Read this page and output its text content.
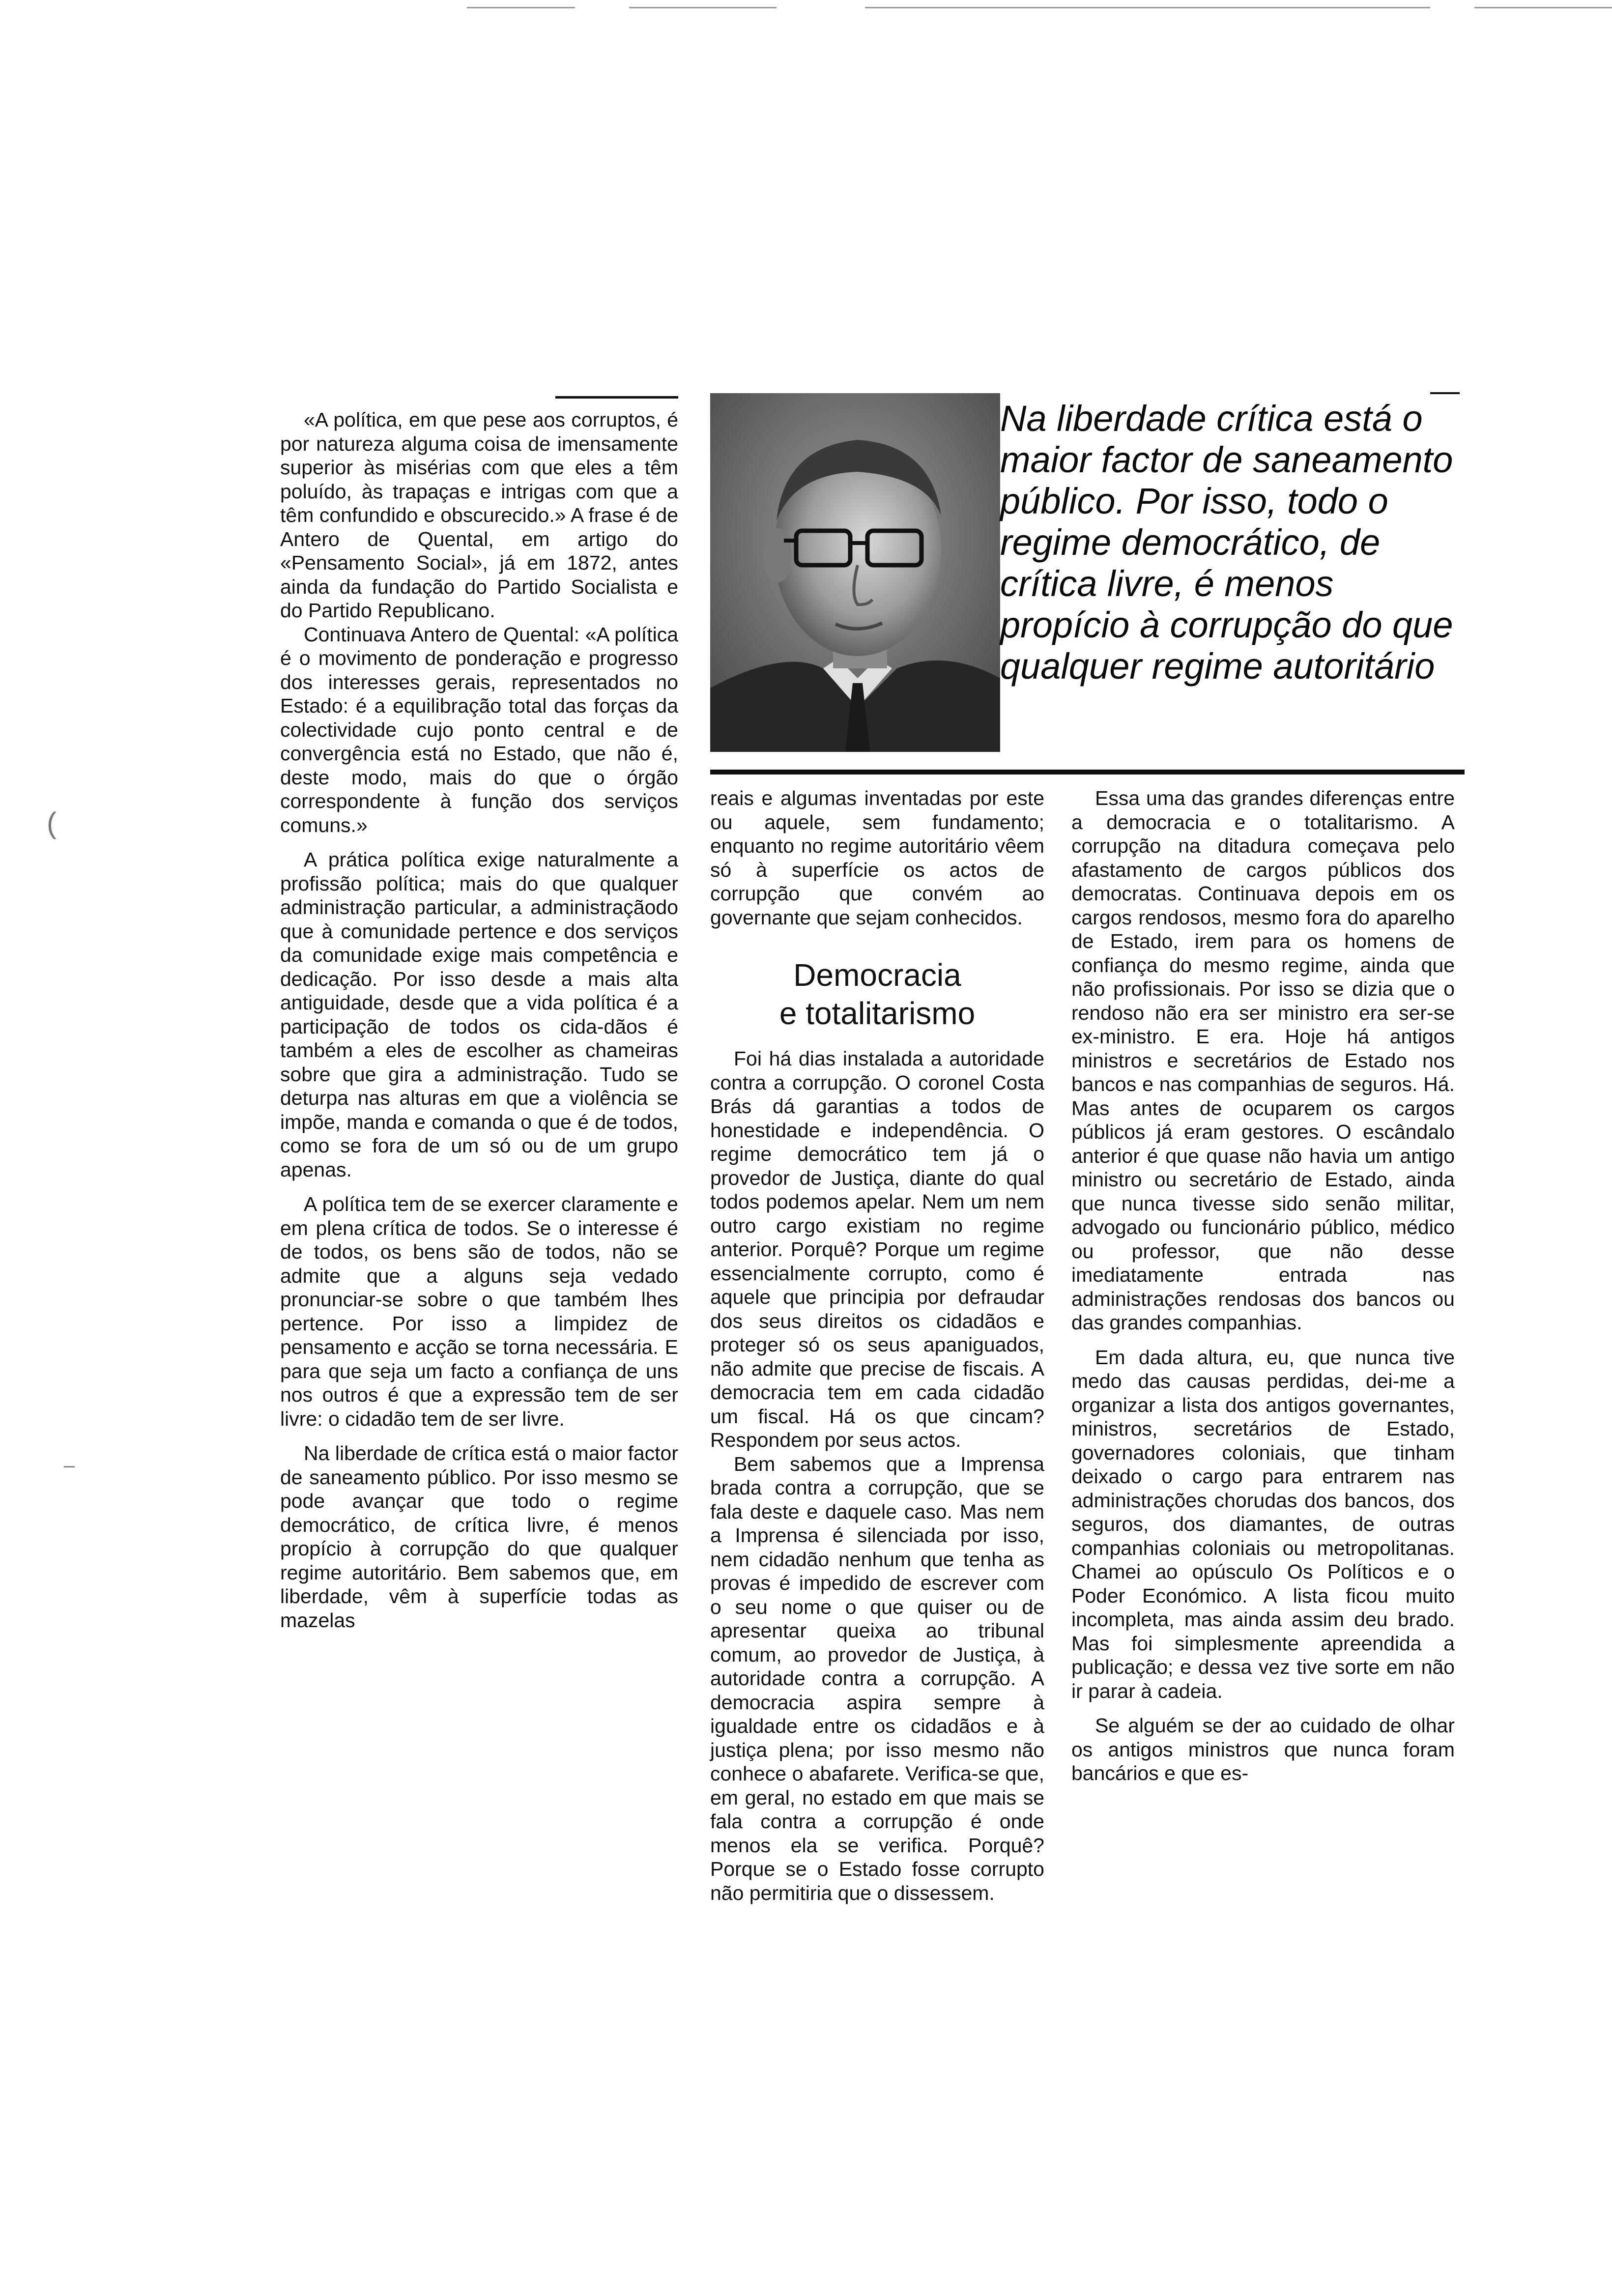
Na liberdade crítica está o maior factor de saneamento público. Por isso, todo o regime democrático, de crítica livre, é menos propício à corrupção do que qualquer regime autoritário

«A política, em que pese aos corruptos, é por natureza alguma coisa de imensamente superior às misérias com que eles a têm poluído, às trapaças e intrigas com que a têm confundido e obscurecido.» A frase é de Antero de Quental, em artigo do «Pensamento Social», já em 1872, antes ainda da fundação do Partido Socialista e do Partido Republicano.

Continuava Antero de Quental: «A política é o movimento de ponderação e progresso dos interesses gerais, representados no Estado: é a equilibração total das forças da colectividade cujo ponto central e de convergência está no Estado, que não é, deste modo, mais do que o órgão correspondente à função dos serviços comuns.»

A prática política exige naturalmente a profissão política; mais do que qualquer administração particular, a administraçãodo que à comunidade pertence e dos serviços da comunidade exige mais competência e dedicação. Por isso desde a mais alta antiguidade, desde que a vida política é a participação de todos os cida-dãos é também a eles de escolher as chameiras sobre que gira a administração. Tudo se deturpa nas alturas em que a violência se impõe, manda e comanda o que é de todos, como se fora de um só ou de um grupo apenas.

A política tem de se exercer claramente e em plena crítica de todos. Se o interesse é de todos, os bens são de todos, não se admite que a alguns seja vedado pronunciar-se sobre o que também lhes pertence. Por isso a limpidez de pensamento e acção se torna necessária. E para que seja um facto a confiança de uns nos outros é que a expressão tem de ser livre: o cidadão tem de ser livre.

Na liberdade de crítica está o maior factor de saneamento público. Por isso mesmo se pode avançar que todo o regime democrático, de crítica livre, é menos propício à corrupção do que qualquer regime autoritário. Bem sabemos que, em liberdade, vêm à superfície todas as mazelas

reais e algumas inventadas por este ou aquele, sem fundamento; enquanto no regime autoritário vêem só à superfície os actos de corrupção que convém ao governante que sejam conhecidos.

Democracia
e totalitarismo

Foi há dias instalada a autoridade contra a corrupção. O coronel Costa Brás dá garantias a todos de honestidade e independência. O regime democrático tem já o provedor de Justiça, diante do qual todos podemos apelar. Nem um nem outro cargo existiam no regime anterior. Porquê? Porque um regime essencialmente corrupto, como é aquele que principia por defraudar dos seus direitos os cidadãos e proteger só os seus apaniguados, não admite que precise de fiscais. A democracia tem em cada cidadão um fiscal. Há os que cincam? Respondem por seus actos.

Bem sabemos que a Imprensa brada contra a corrupção, que se fala deste e daquele caso. Mas nem a Imprensa é silenciada por isso, nem cidadão nenhum que tenha as provas é impedido de escrever com o seu nome o que quiser ou de apresentar queixa ao tribunal comum, ao provedor de Justiça, à autoridade contra a corrupção. A democracia aspira sempre à igualdade entre os cidadãos e à justiça plena; por isso mesmo não conhece o abafarete. Verifica-se que, em geral, no estado em que mais se fala contra a corrupção é onde menos ela se verifica. Porquê? Porque se o Estado fosse corrupto não permitiria que o dissessem.

Essa uma das grandes diferenças entre a democracia e o totalitarismo. A corrupção na ditadura começava pelo afastamento de cargos públicos dos democratas. Continuava depois em os cargos rendosos, mesmo fora do aparelho de Estado, irem para os homens de confiança do mesmo regime, ainda que não profissionais. Por isso se dizia que o rendoso não era ser ministro era ser-se ex-ministro. E era. Hoje há antigos ministros e secretários de Estado nos bancos e nas companhias de seguros. Há. Mas antes de ocuparem os cargos públicos já eram gestores. O escândalo anterior é que quase não havia um antigo ministro ou secretário de Estado, ainda que nunca tivesse sido senão militar, advogado ou funcionário público, médico ou professor, que não desse imediatamente entrada nas administrações rendosas dos bancos ou das grandes companhias.

Em dada altura, eu, que nunca tive medo das causas perdidas, dei-me a organizar a lista dos antigos governantes, ministros, secretários de Estado, governadores coloniais, que tinham deixado o cargo para entrarem nas administrações chorudas dos bancos, dos seguros, dos diamantes, de outras companhias coloniais ou metropolitanas. Chamei ao opúsculo Os Políticos e o Poder Económico. A lista ficou muito incompleta, mas ainda assim deu brado. Mas foi simplesmente apreendida a publicação; e dessa vez tive sorte em não ir parar à cadeia.

Se alguém se der ao cuidado de olhar os antigos ministros que nunca foram bancários e que es-

(
–
